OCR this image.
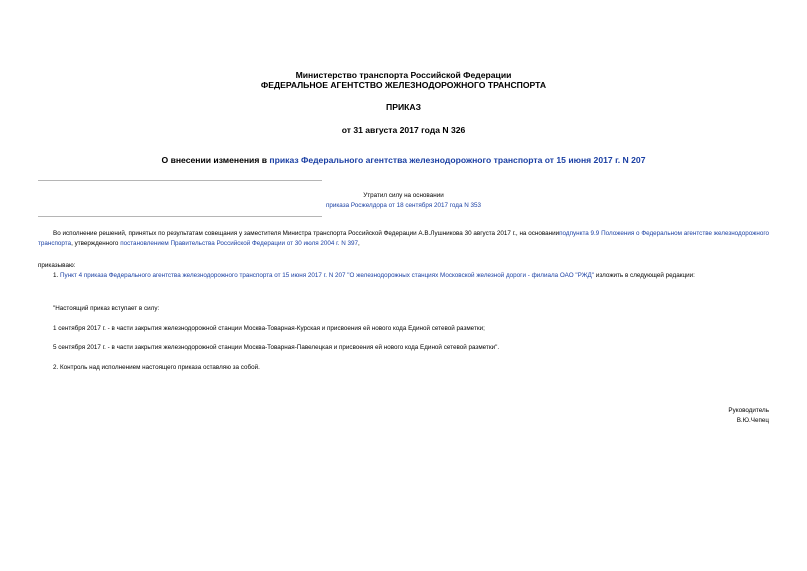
Министерство транспорта Российской Федерации
ФЕДЕРАЛЬНОЕ АГЕНТСТВО ЖЕЛЕЗНОДОРОЖНОГО ТРАНСПОРТА
ПРИКАЗ
от 31 августа 2017 года N 326
О внесении изменения в приказ Федерального агентства железнодорожного транспорта от 15 июня 2017 г. N 207
Утратил силу на основании
приказа Росжелдора от 18 сентября 2017 года N 353
Во исполнение решений, принятых по результатам совещания у заместителя Министра транспорта Российской Федерации А.В.Лушникова 30 августа 2017 г., на основанииподпункта 9.9 Положения о Федеральном агентстве железнодорожного транспорта, утвержденного постановлением Правительства Российской Федерации от 30 июля 2004 г. N 397,
приказываю:
1. Пункт 4 приказа Федерального агентства железнодорожного транспорта от 15 июня 2017 г. N 207 "О железнодорожных станциях Московской железной дороги - филиала ОАО "РЖД" изложить в следующей редакции:
"Настоящий приказ вступает в силу:
1 сентября 2017 г. - в части закрытия железнодорожной станции Москва-Товарная-Курская и присвоения ей нового кода Единой сетевой разметки;
5 сентября 2017 г. - в части закрытия железнодорожной станции Москва-Товарная-Павелецкая и присвоения ей нового кода Единой сетевой разметки".
2. Контроль над исполнением настоящего приказа оставляю за собой.
Руководитель
В.Ю.Чепец
